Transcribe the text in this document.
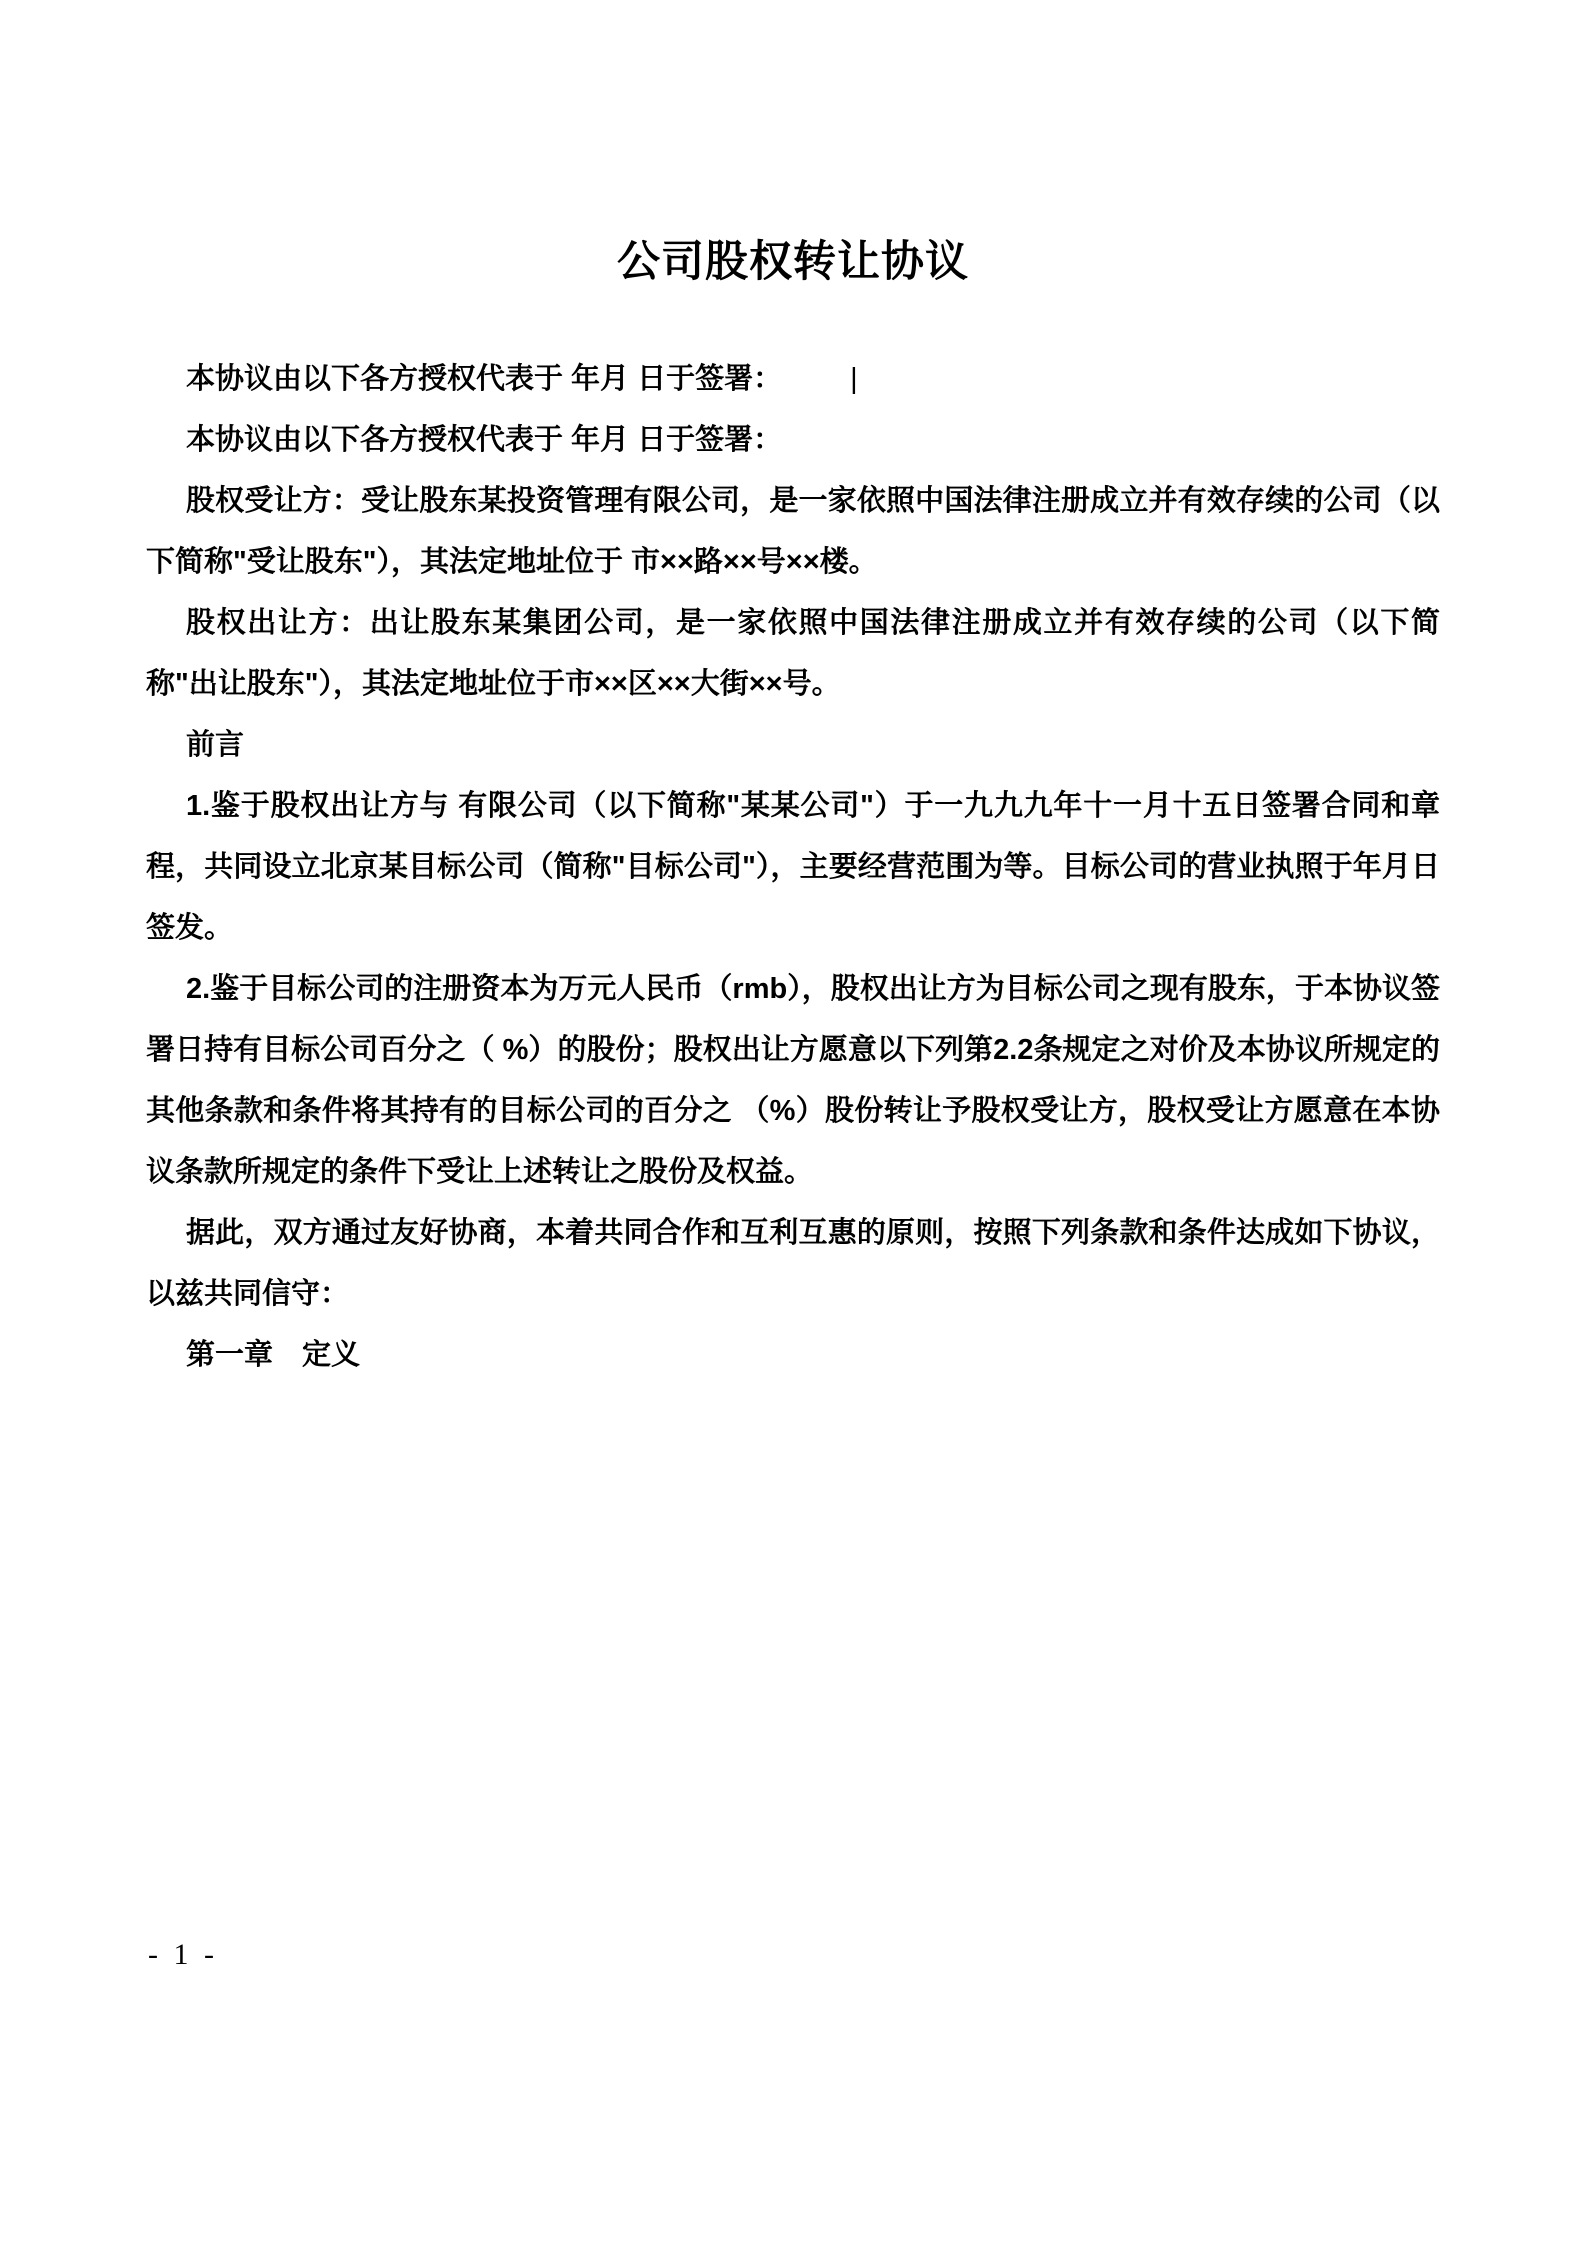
公司股权转让协议

本协议由以下各方授权代表于 年月 日于签署： |

本协议由以下各方授权代表于 年月 日于签署：

股权受让方：受让股东某投资管理有限公司，是一家依照中国法律注册成立并有效存续的公司（以下简称"受让股东"），其法定地址位于 市××路××号××楼。

股权出让方：出让股东某集团公司，是一家依照中国法律注册成立并有效存续的公司（以下简称"出让股东"），其法定地址位于市××区××大街××号。

前言

1.鉴于股权出让方与 有限公司（以下简称"某某公司"）于一九九九年十一月十五日签署合同和章程，共同设立北京某目标公司（简称"目标公司"），主要经营范围为等。目标公司的营业执照于年月日签发。

2.鉴于目标公司的注册资本为万元人民币（rmb），股权出让方为目标公司之现有股东，于本协议签署日持有目标公司百分之（ %）的股份；股权出让方愿意以下列第2.2条规定之对价及本协议所规定的其他条款和条件将其持有的目标公司的百分之 （%）股份转让予股权受让方，股权受让方愿意在本协议条款所规定的条件下受让上述转让之股份及权益。

据此，双方通过友好协商，本着共同合作和互利互惠的原则，按照下列条款和条件达成如下协议，以兹共同信守：

第一章　定义

- 1 -
